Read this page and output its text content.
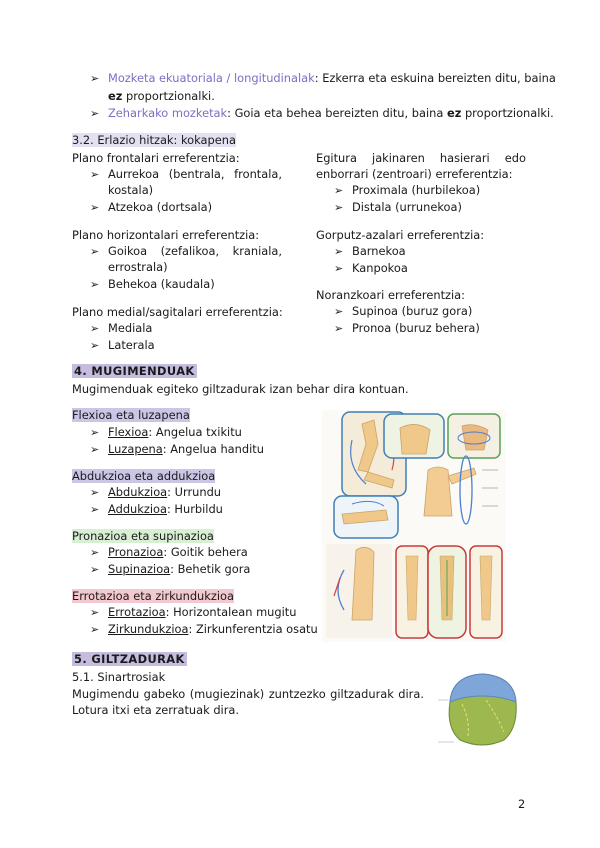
➢ Mozketa ekuatoriala / longitudinalak: Ezkerra eta eskuina bereizten ditu, baina
ez proportzionalki.
➢ Zeharkako mozketak: Goia eta behea bereizten ditu, baina ez proportzionalki.
3.2. Erlazio hitzak: kokapena
Plano frontalari erreferentzia:
➢ Aurrekoa (bentrala, frontala,
kostala)
➢ Atzekoa (dortsala)
Plano horizontalari erreferentzia:
➢ Goikoa (zefalikoa, kraniala,
errostrala)
➢ Behekoa (kaudala)
Plano medial/sagitalari erreferentzia:
➢ Mediala
➢ Laterala
Egitura jakinaren hasierari edo
enborrari (zentroari) erreferentzia:
➢ Proximala (hurbilekoa)
➢ Distala (urrunekoa)
Gorputz-azalari erreferentzia:
➢ Barnekoa
➢ Kanpokoa
Noranzkoari erreferentzia:
➢ Supinoa (buruz gora)
➢ Pronoa (buruz behera)
4. MUGIMENDUAK
Mugimenduak egiteko giltzadurak izan behar dira kontuan.
Flexioa eta luzapena
➢ Flexioa: Angelua txikitu
➢ Luzapena: Angelua handitu
Abdukzioa eta addukzioa
➢ Abdukzioa: Urrundu
➢ Addukzioa: Hurbildu
Pronazioa eta supinazioa
➢ Pronazioa: Goitik behera
➢ Supinazioa: Behetik gora
Errotazioa eta zirkundukzioa
➢ Errotazioa: Horizontalean mugitu
➢ Zirkundukzioa: Zirkunferentzia osatu
5. GILTZADURAK
5.1. Sinartrosiak
Mugimendu gabeko (mugiezinak) zuntzezko giltzadurak dira.
Lotura itxi eta zerratuak dira.
2
